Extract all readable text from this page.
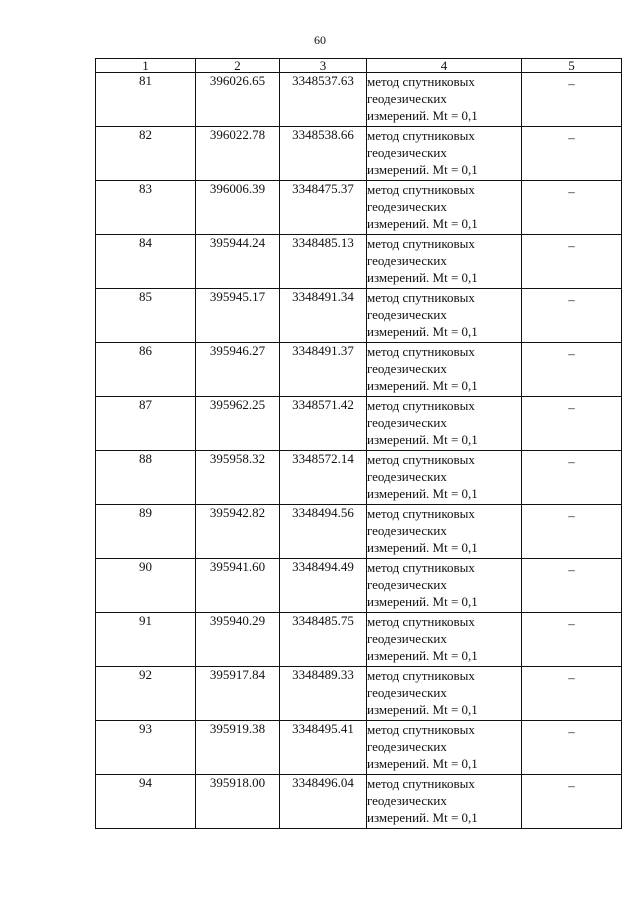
60
1	2	3	4	5
81	396026.65	3348537.63	метод спутниковых
геодезических
измерений. Mt = 0,1	–
82	396022.78	3348538.66	метод спутниковых
геодезических
измерений. Mt = 0,1	–
83	396006.39	3348475.37	метод спутниковых
геодезических
измерений. Mt = 0,1	–
84	395944.24	3348485.13	метод спутниковых
геодезических
измерений. Mt = 0,1	–
85	395945.17	3348491.34	метод спутниковых
геодезических
измерений. Mt = 0,1	–
86	395946.27	3348491.37	метод спутниковых
геодезических
измерений. Mt = 0,1	–
87	395962.25	3348571.42	метод спутниковых
геодезических
измерений. Mt = 0,1	–
88	395958.32	3348572.14	метод спутниковых
геодезических
измерений. Mt = 0,1	–
89	395942.82	3348494.56	метод спутниковых
геодезических
измерений. Mt = 0,1	–
90	395941.60	3348494.49	метод спутниковых
геодезических
измерений. Mt = 0,1	–
91	395940.29	3348485.75	метод спутниковых
геодезических
измерений. Mt = 0,1	–
92	395917.84	3348489.33	метод спутниковых
геодезических
измерений. Mt = 0,1	–
93	395919.38	3348495.41	метод спутниковых
геодезических
измерений. Mt = 0,1	–
94	395918.00	3348496.04	метод спутниковых
геодезических
измерений. Mt = 0,1	–
